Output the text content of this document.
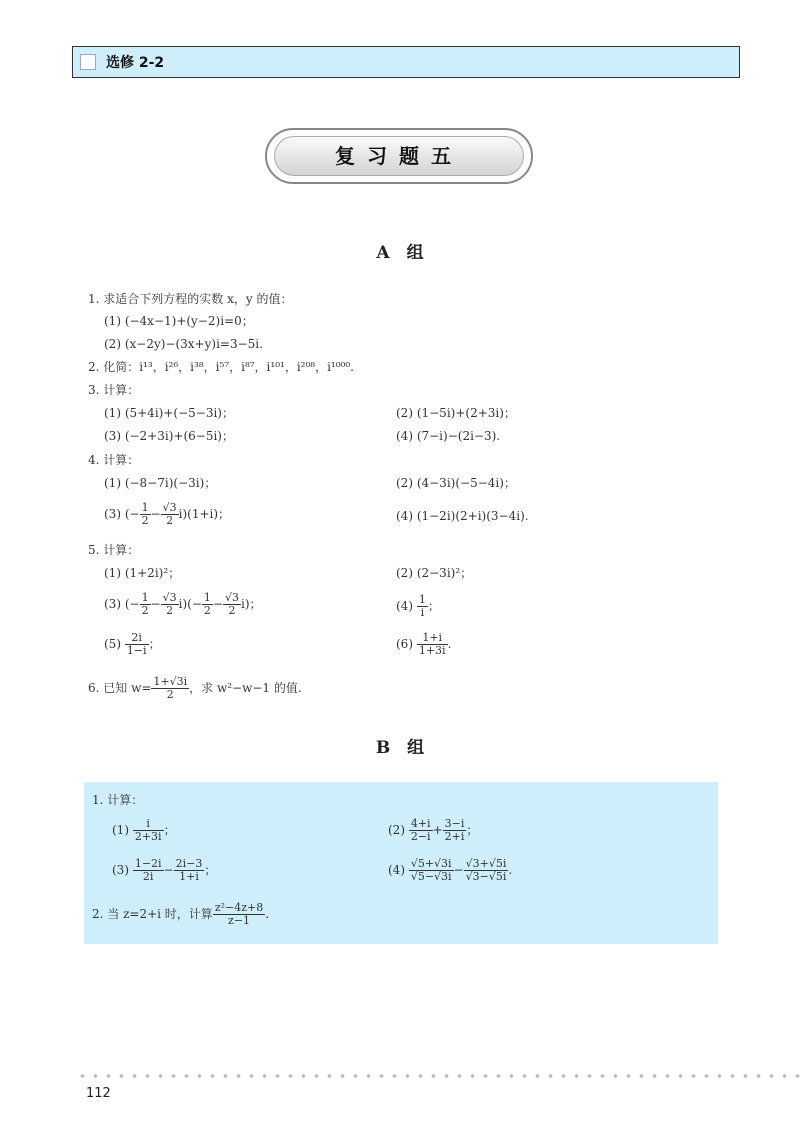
选修 2-2
复习题五
A　组
1. 求适合下列方程的实数 x，y 的值：
(1) (−4x−1)+(y−2)i=0；
(2) (x−2y)−(3x+y)i=3−5i.
2. 化简：i¹³，i²⁶，i³⁸，i⁵⁷，i⁸⁷，i¹⁰¹，i²⁰⁸，i¹⁰⁰⁰.
3. 计算：
(1) (5+4i)+(−5−3i)；	(2) (1−5i)+(2+3i)；
(3) (−2+3i)+(6−5i)；	(4) (7−i)−(2i−3).
4. 计算：
(1) (−8−7i)(−3i)；	(2) (4−3i)(−5−4i)；
(3) (− $\frac{1}{2} - \frac{√3}{2} i)(1+i)$；	(4) (1−2i)(2+i)(3−4i).
5. 计算：
(1) (1+2i)²；	(2) (2−3i)²；
(3) (− $\frac{1}{2} - \frac{√3}{2} i)(- \frac{1}{2} - \frac{√3}{2} i)$；	$(4) \frac{1}{i}$ ；
$(5) \frac{2i}{1-i}$ ；	$(6) \frac{1+i}{1+3i}$ .
6. 已知 $w= \frac{1+√3i}{2}$ ，求 w²−w−1 的值.
B　组
1. 计算：
$(1) \frac{i}{2+3i}$ ；	$(2) \frac{4+i}{2-i} + \frac{3-i}{2+i}$ ；
$(3) \frac{1-2i}{2i} - \frac{2i-3}{1+i}$ ；	$(4) \frac{√5+√3i}{√5-√3i} - \frac{√3+√5i}{√3-√5i}$ .
2. 当 z=2+i 时，计算 $\frac{\text{z²−4z+8}}{z-1}$ .
112
